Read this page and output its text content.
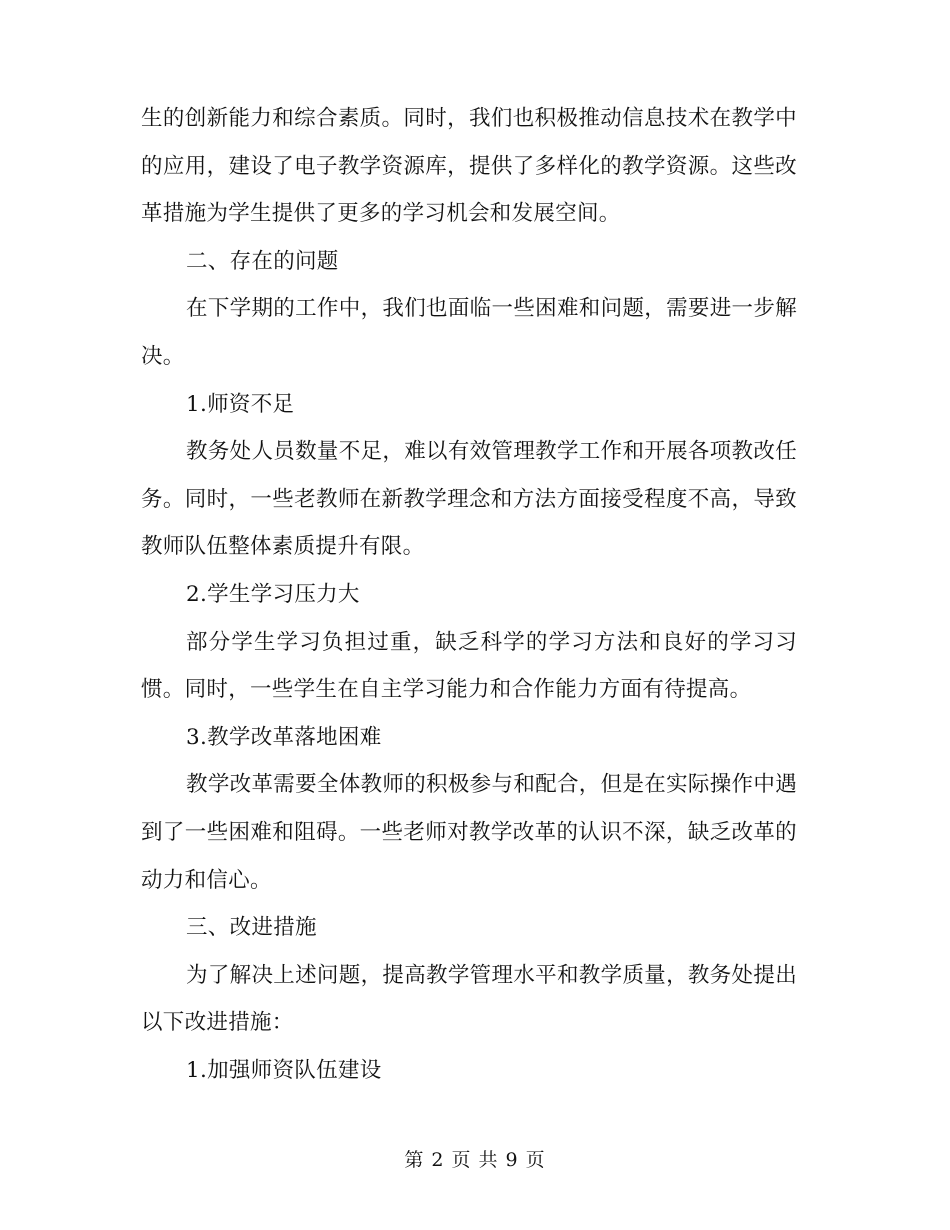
生的创新能力和综合素质。同时，我们也积极推动信息技术在教学中的应用，建设了电子教学资源库，提供了多样化的教学资源。这些改革措施为学生提供了更多的学习机会和发展空间。

二、存在的问题

在下学期的工作中，我们也面临一些困难和问题，需要进一步解决。

1.师资不足

教务处人员数量不足，难以有效管理教学工作和开展各项教改任务。同时，一些老教师在新教学理念和方法方面接受程度不高，导致教师队伍整体素质提升有限。

2.学生学习压力大

部分学生学习负担过重，缺乏科学的学习方法和良好的学习习惯。同时，一些学生在自主学习能力和合作能力方面有待提高。

3.教学改革落地困难

教学改革需要全体教师的积极参与和配合，但是在实际操作中遇到了一些困难和阻碍。一些老师对教学改革的认识不深，缺乏改革的动力和信心。

三、改进措施

为了解决上述问题，提高教学管理水平和教学质量，教务处提出以下改进措施：

1.加强师资队伍建设

第 2 页 共 9 页
